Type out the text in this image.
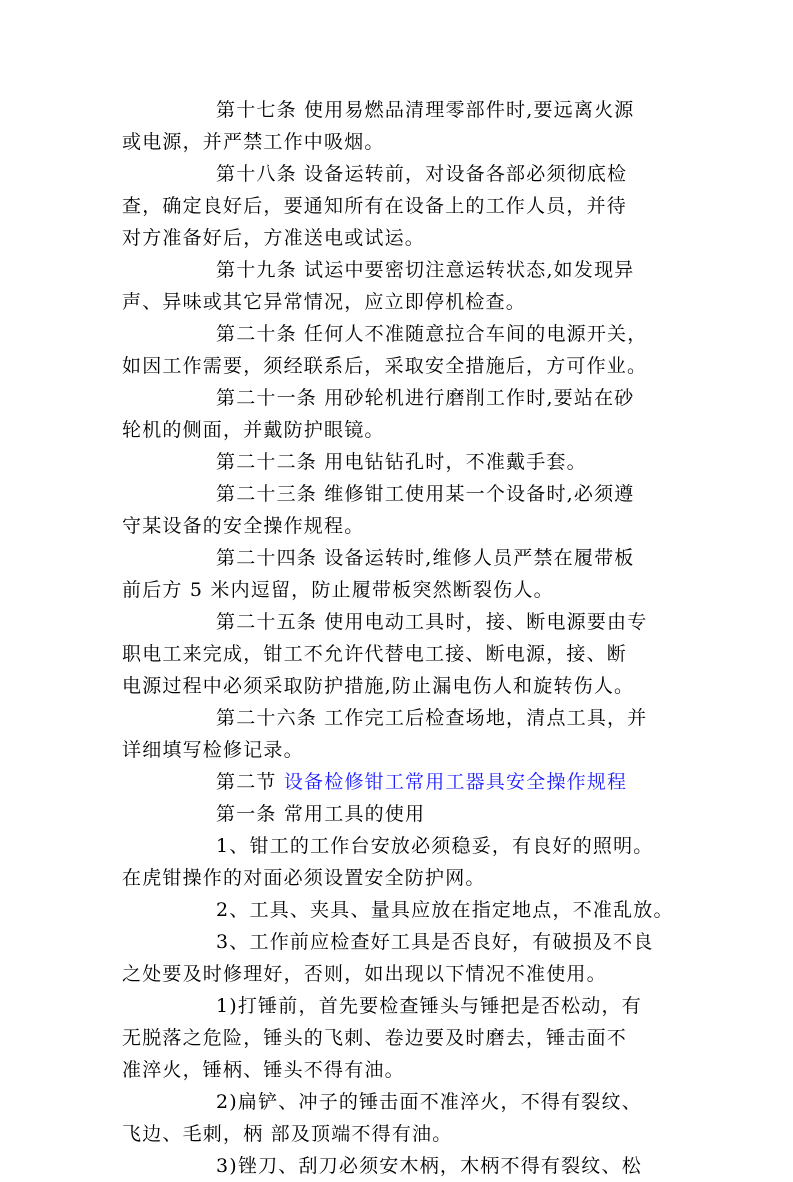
第十七条 使用易燃品清理零部件时,要远离火源
或电源，并严禁工作中吸烟。
第十八条 设备运转前，对设备各部必须彻底检
查，确定良好后，要通知所有在设备上的工作人员，并待
对方准备好后，方准送电或试运。
第十九条 试运中要密切注意运转状态,如发现异
声、异味或其它异常情况，应立即停机检查。
第二十条 任何人不准随意拉合车间的电源开关，
如因工作需要，须经联系后，采取安全措施后，方可作业。
第二十一条 用砂轮机进行磨削工作时,要站在砂
轮机的侧面，并戴防护眼镜。
第二十二条 用电钻钻孔时，不准戴手套。
第二十三条 维修钳工使用某一个设备时,必须遵
守某设备的安全操作规程。
第二十四条 设备运转时,维修人员严禁在履带板
前后方 5 米内逗留，防止履带板突然断裂伤人。
第二十五条 使用电动工具时，接、断电源要由专
职电工来完成，钳工不允许代替电工接、断电源，接、断
电源过程中必须采取防护措施,防止漏电伤人和旋转伤人。
第二十六条 工作完工后检查场地，清点工具，并
详细填写检修记录。
第二节 设备检修钳工常用工器具安全操作规程
第一条 常用工具的使用
1、钳工的工作台安放必须稳妥，有良好的照明。
在虎钳操作的对面必须设置安全防护网。
2、工具、夹具、量具应放在指定地点，不准乱放。
3、工作前应检查好工具是否良好，有破损及不良
之处要及时修理好，否则，如出现以下情况不准使用。
1)打锤前，首先要检查锤头与锤把是否松动，有
无脱落之危险，锤头的飞刺、卷边要及时磨去，锤击面不
准淬火，锤柄、锤头不得有油。
2)扁铲、冲子的锤击面不准淬火，不得有裂纹、
飞边、毛刺，柄 部及顶端不得有油。
3)锉刀、刮刀必须安木柄，木柄不得有裂纹、松
